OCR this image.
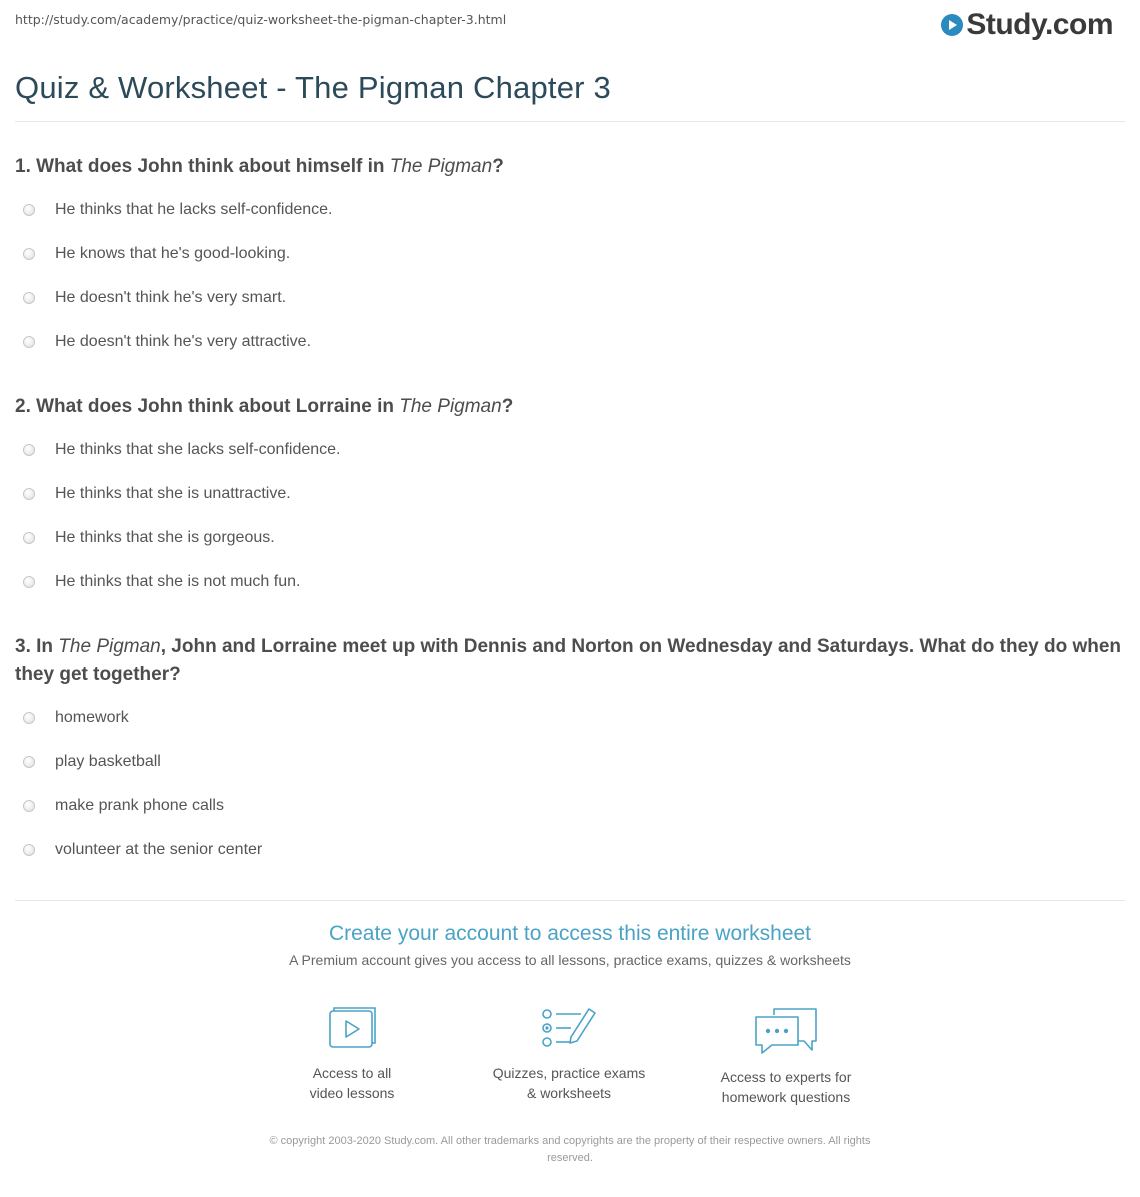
http://study.com/academy/practice/quiz-worksheet-the-pigman-chapter-3.html	Study.com
Quiz & Worksheet - The Pigman Chapter 3
1. What does John think about himself in The Pigman?
He thinks that he lacks self-confidence.
He knows that he's good-looking.
He doesn't think he's very smart.
He doesn't think he's very attractive.
2. What does John think about Lorraine in The Pigman?
He thinks that she lacks self-confidence.
He thinks that she is unattractive.
He thinks that she is gorgeous.
He thinks that she is not much fun.
3. In The Pigman, John and Lorraine meet up with Dennis and Norton on Wednesday and Saturdays. What do they do when they get together?
homework
play basketball
make prank phone calls
volunteer at the senior center
Create your account to access this entire worksheet
A Premium account gives you access to all lessons, practice exams, quizzes & worksheets
Access to all
video lessons
Quizzes, practice exams
& worksheets
Access to experts for
homework questions
© copyright 2003-2020 Study.com. All other trademarks and copyrights are the property of their respective owners. All rights
reserved.
